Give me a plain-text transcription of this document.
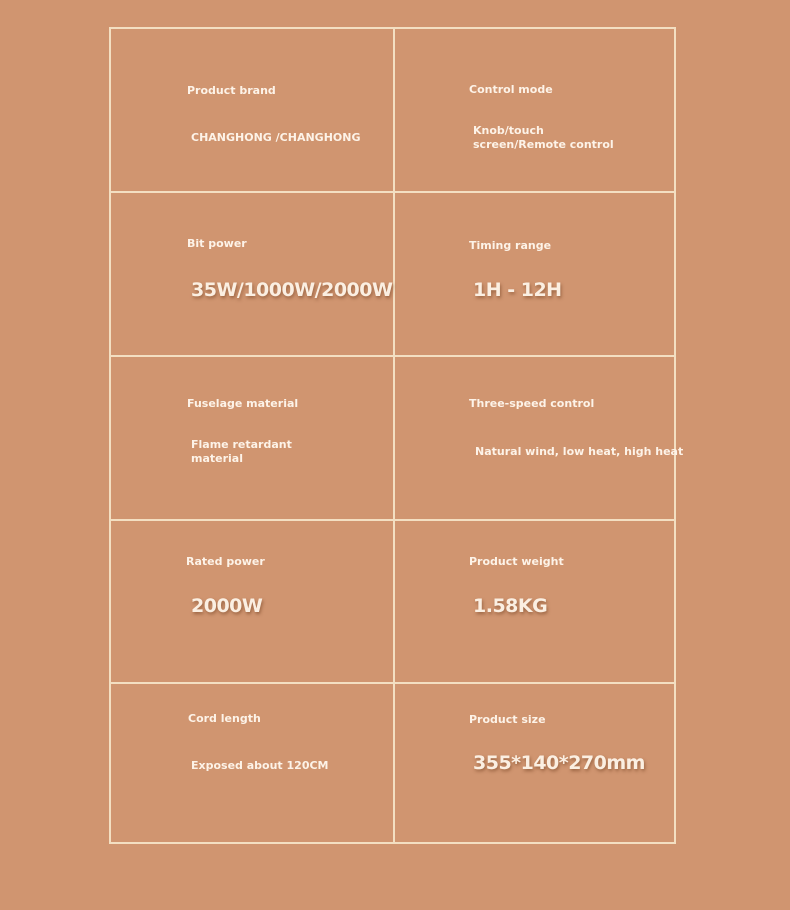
Product brand
CHANGHONG /CHANGHONG
Control mode
Knob/touch screen/Remote control
Bit power
35W/1000W/2000W
Timing range
1H - 12H
Fuselage material
Flame retardant material
Three-speed control
Natural wind, low heat, high heat
Rated power
2000W
Product weight
1.58KG
Cord length
Exposed about 120CM
Product size
355*140*270mm
